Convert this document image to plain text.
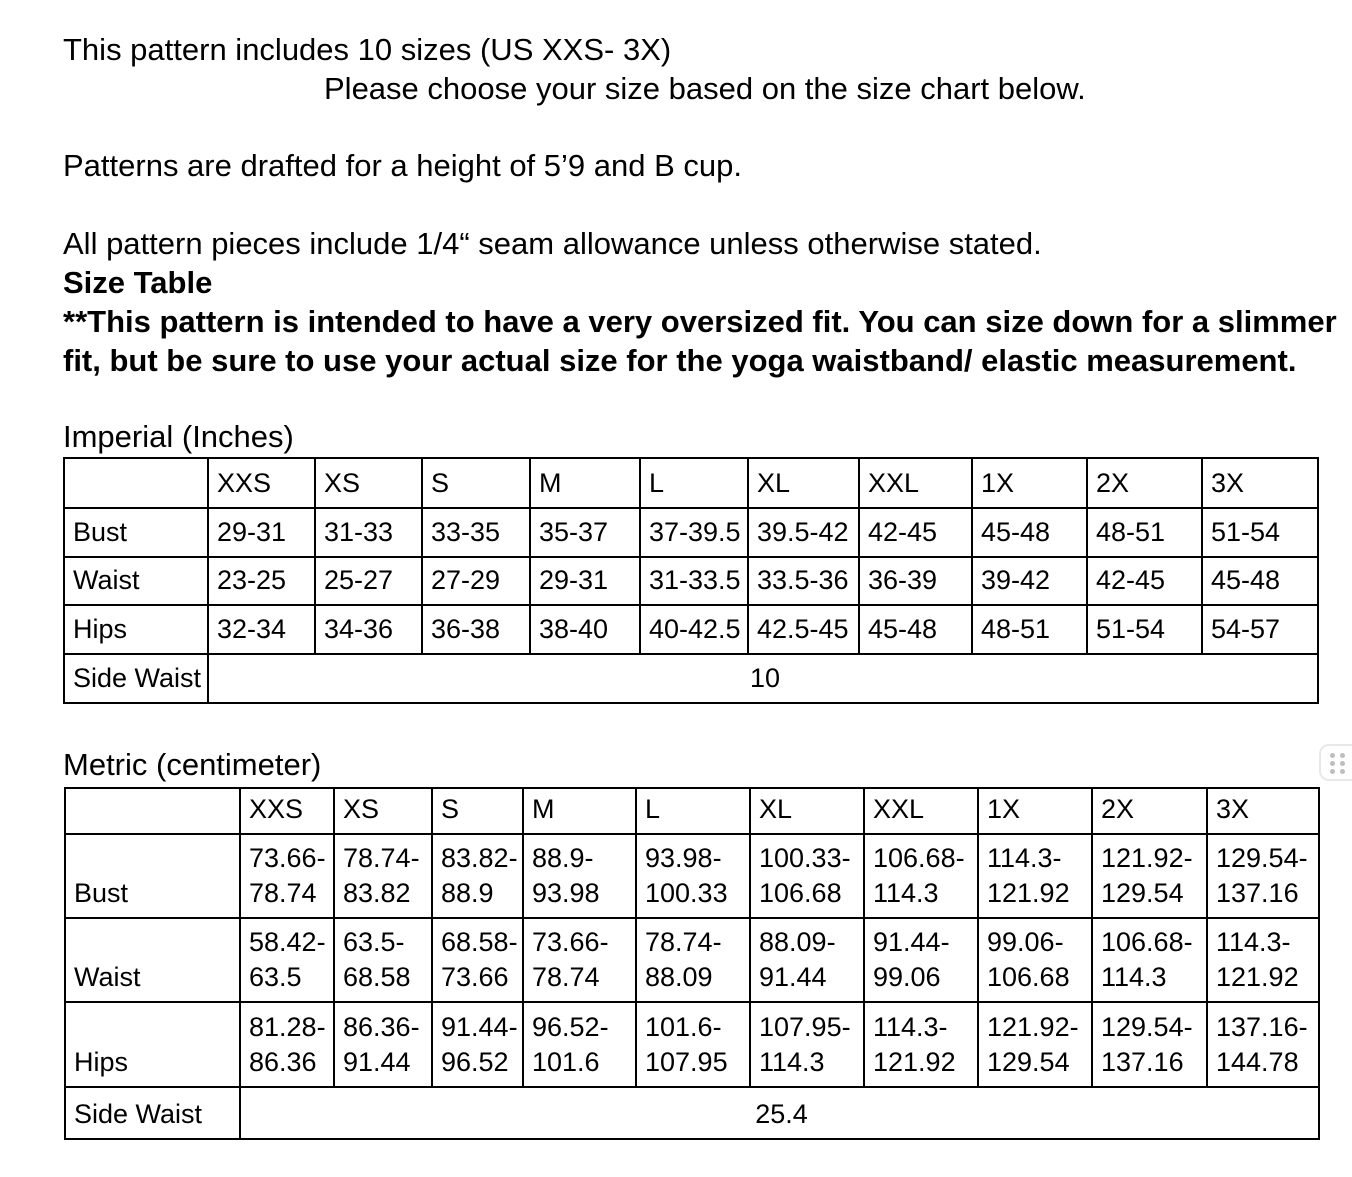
This pattern includes 10 sizes (US XXS- 3X)
Please choose your size based on the size chart below.
Patterns are drafted for a height of 5’9 and B cup.
All pattern pieces include 1/4“ seam allowance unless otherwise stated.
Size Table
**This pattern is intended to have a very oversized fit. You can size down for a slimmer
fit, but be sure to use your actual size for the yoga waistband/ elastic measurement.
Imperial (Inches)
	XXS	XS	S	M	L	XL	XXL	1X	2X	3X
Bust	29-31	31-33	33-35	35-37	37-39.5	39.5-42	42-45	45-48	48-51	51-54
Waist	23-25	25-27	27-29	29-31	31-33.5	33.5-36	36-39	39-42	42-45	45-48
Hips	32-34	34-36	36-38	38-40	40-42.5	42.5-45	45-48	48-51	51-54	54-57
Side Waist	10									
Metric (centimeter)
	XXS	XS	S	M	L	XL	XXL	1X	2X	3X
Bust	73.66-78.74	78.74-83.82	83.82-88.9	88.9-93.98	93.98-100.33	100.33-106.68	106.68-114.3	114.3-121.92	121.92-129.54	129.54-137.16
Waist	58.42-63.5	63.5-68.58	68.58-73.66	73.66-78.74	78.74-88.09	88.09-91.44	91.44-99.06	99.06-106.68	106.68-114.3	114.3-121.92
Hips	81.28-86.36	86.36-91.44	91.44-96.52	96.52-101.6	101.6-107.95	107.95-114.3	114.3-121.92	121.92-129.54	129.54-137.16	137.16-144.78
Side Waist	25.4									
